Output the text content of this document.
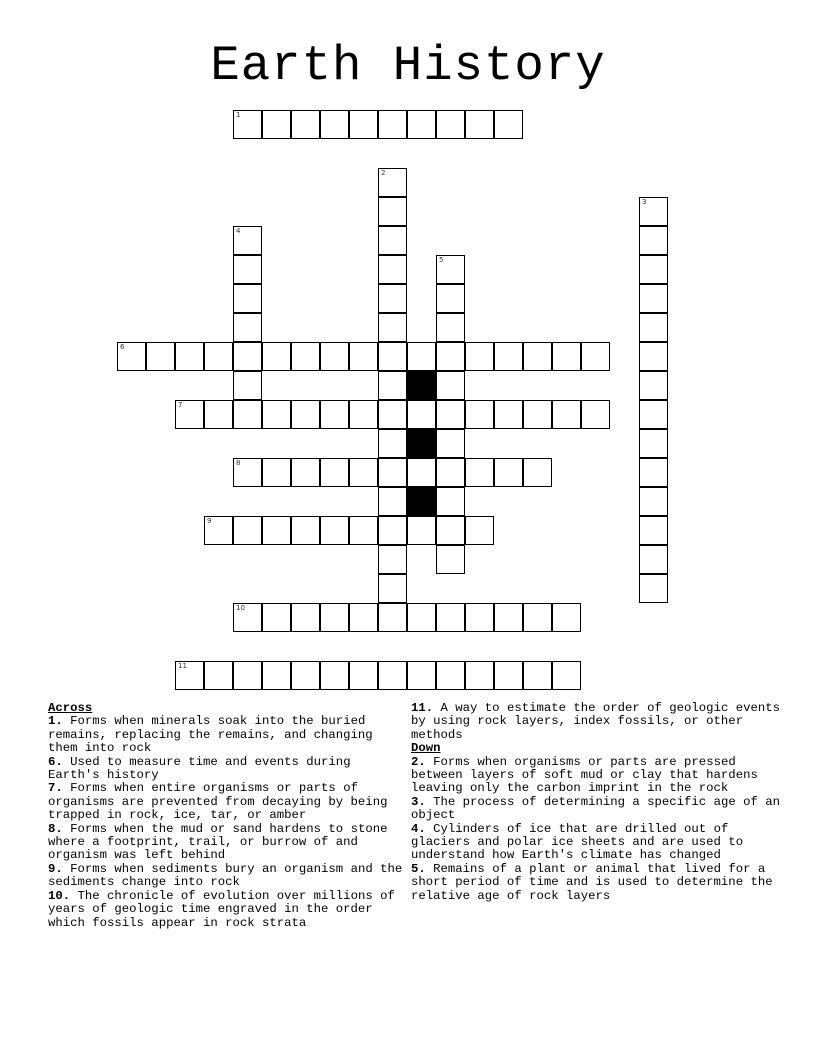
Earth History
1
2
3
4
5
6
7
8
9
10
11
Across

1. Forms when minerals soak into the buried remains, replacing the remains, and changing them into rock

6. Used to measure time and events during Earth's history

7. Forms when entire organisms or parts of organisms are prevented from decaying by being trapped in rock, ice, tar, or amber

8. Forms when the mud or sand hardens to stone where a footprint, trail, or burrow of and organism was left behind

9. Forms when sediments bury an organism and the sediments change into rock

10. The chronicle of evolution over millions of years of geologic time engraved in the order which fossils appear in rock strata

11. A way to estimate the order of geologic events by using rock layers, index fossils, or other methods

Down

2. Forms when organisms or parts are pressed between layers of soft mud or clay that hardens leaving only the carbon imprint in the rock

3. The process of determining a specific age of an object

4. Cylinders of ice that are drilled out of glaciers and polar ice sheets and are used to understand how Earth's climate has changed

5. Remains of a plant or animal that lived for a short period of time and is used to determine the relative age of rock layers
